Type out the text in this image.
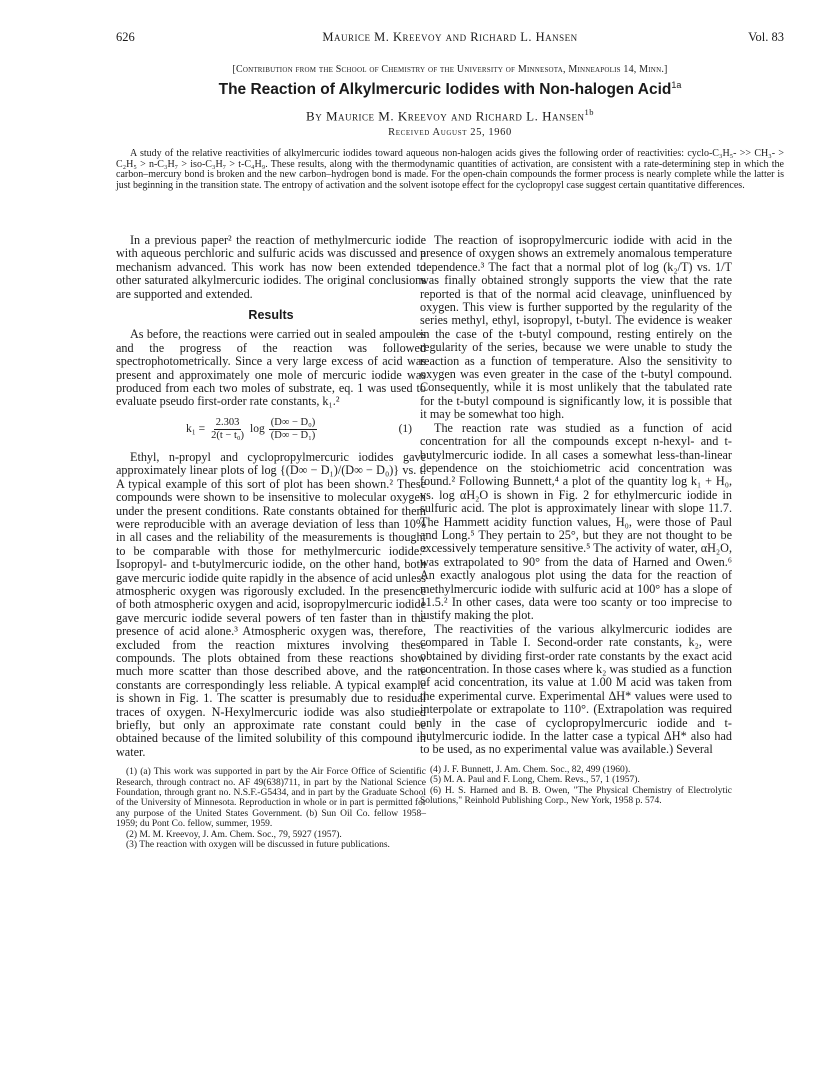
626	Maurice M. Kreevoy and Richard L. Hansen	Vol. 83
[Contribution from the School of Chemistry of the University of Minnesota, Minneapolis 14, Minn.]
The Reaction of Alkylmercuric Iodides with Non-halogen Acid$^{1a}$
By Maurice M. Kreevoy and Richard L. Hansen$^{1b}$
Received August 25, 1960
A study of the relative reactivities of alkylmercuric iodides toward aqueous non-halogen acids gives the following order of reactivities: cyclo-C₃H₅- >> CH₃- > C₂H₅ > n-C₃H₇ > iso-C₃H₇ > t-C₄H₉. These results, along with the thermodynamic quantities of activation, are consistent with a rate-determining step in which the carbon–mercury bond is broken and the new carbon–hydrogen bond is made. For the open-chain compounds the former process is nearly complete while the latter is just beginning in the transition state. The entropy of activation and the solvent isotope effect for the cyclopropyl case suggest certain quantitative differences.

In a previous paper² the reaction of methylmercuric iodide with aqueous perchloric and sulfuric acids was discussed and a mechanism advanced. This work has now been extended to other saturated alkylmercuric iodides. The original conclusions are supported and extended.

Results

As before, the reactions were carried out in sealed ampoules and the progress of the reaction was followed spectrophotometrically. Since a very large excess of acid was present and approximately one mole of mercuric iodide was produced from each two moles of substrate, eq. 1 was used to evaluate pseudo first-order rate constants, k₁.²

$k_1 = \frac{2.303}{\text{2(t − t₀)}}$ $\log \frac{\text{(D∞ − D₀)}}{\text{(D∞ − D₁)}}$	(1)

Ethyl, n-propyl and cyclopropylmercuric iodides gave approximately linear plots of log {(D∞ − D₁)/(D∞ − D₀)} vs. t. A typical example of this sort of plot has been shown.² These compounds were shown to be insensitive to molecular oxygen under the present conditions. Rate constants obtained for them were reproducible with an average deviation of less than 10% in all cases and the reliability of the measurements is thought to be comparable with those for methylmercuric iodide.² Isopropyl- and t-butylmercuric iodide, on the other hand, both gave mercuric iodide quite rapidly in the absence of acid unless atmospheric oxygen was rigorously excluded. In the presence of both atmospheric oxygen and acid, isopropylmercuric iodide gave mercuric iodide several powers of ten faster than in the presence of acid alone.³ Atmospheric oxygen was, therefore, excluded from the reaction mixtures involving these compounds. The plots obtained from these reactions show much more scatter than those described above, and the rate constants are correspondingly less reliable. A typical example is shown in Fig. 1. The scatter is presumably due to residual traces of oxygen. N-Hexylmercuric iodide was also studied briefly, but only an approximate rate constant could be obtained because of the limited solubility of this compound in water.

(1) (a) This work was supported in part by the Air Force Office of Scientific Research, through contract no. AF 49(638)711, in part by the National Science Foundation, through grant no. N.S.F.-G5434, and in part by the Graduate School of the University of Minnesota. Reproduction in whole or in part is permitted for any purpose of the United States Government. (b) Sun Oil Co. fellow 1958–1959; du Pont Co. fellow, summer, 1959.

(2) M. M. Kreevoy, J. Am. Chem. Soc., 79, 5927 (1957).

(3) The reaction with oxygen will be discussed in future publications.

The reaction of isopropylmercuric iodide with acid in the presence of oxygen shows an extremely anomalous temperature dependence.³ The fact that a normal plot of log (k₂/T) vs. 1/T was finally obtained strongly supports the view that the rate reported is that of the normal acid cleavage, uninfluenced by oxygen. This view is further supported by the regularity of the series methyl, ethyl, isopropyl, t-butyl. The evidence is weaker in the case of the t-butyl compound, resting entirely on the regularity of the series, because we were unable to study the reaction as a function of temperature. Also the sensitivity to oxygen was even greater in the case of the t-butyl compound. Consequently, while it is most unlikely that the tabulated rate for the t-butyl compound is significantly low, it is possible that it may be somewhat too high.

The reaction rate was studied as a function of acid concentration for all the compounds except n-hexyl- and t-butylmercuric iodide. In all cases a somewhat less-than-linear dependence on the stoichiometric acid concentration was found.² Following Bunnett,⁴ a plot of the quantity log k₁ + H₀, vs. log αH₂O is shown in Fig. 2 for ethylmercuric iodide in sulfuric acid. The plot is approximately linear with slope 11.7. The Hammett acidity function values, H₀, were those of Paul and Long.⁵ They pertain to 25°, but they are not thought to be excessively temperature sensitive.⁵ The activity of water, αH₂O, was extrapolated to 90° from the data of Harned and Owen.⁶ An exactly analogous plot using the data for the reaction of methylmercuric iodide with sulfuric acid at 100° has a slope of 11.5.² In other cases, data were too scanty or too imprecise to justify making the plot.

The reactivities of the various alkylmercuric iodides are compared in Table I. Second-order rate constants, k₂, were obtained by dividing first-order rate constants by the exact acid concentration. In those cases where k₂ was studied as a function of acid concentration, its value at 1.00 M acid was taken from the experimental curve. Experimental ΔH* values were used to interpolate or extrapolate to 110°. (Extrapolation was required only in the case of cyclopropylmercuric iodide and t-butylmercuric iodide. In the latter case a typical ΔH* also had to be used, as no experimental value was available.) Several

(4) J. F. Bunnett, J. Am. Chem. Soc., 82, 499 (1960).

(5) M. A. Paul and F. Long, Chem. Revs., 57, 1 (1957).

(6) H. S. Harned and B. B. Owen, "The Physical Chemistry of Electrolytic Solutions," Reinhold Publishing Corp., New York, 1958 p. 574.
